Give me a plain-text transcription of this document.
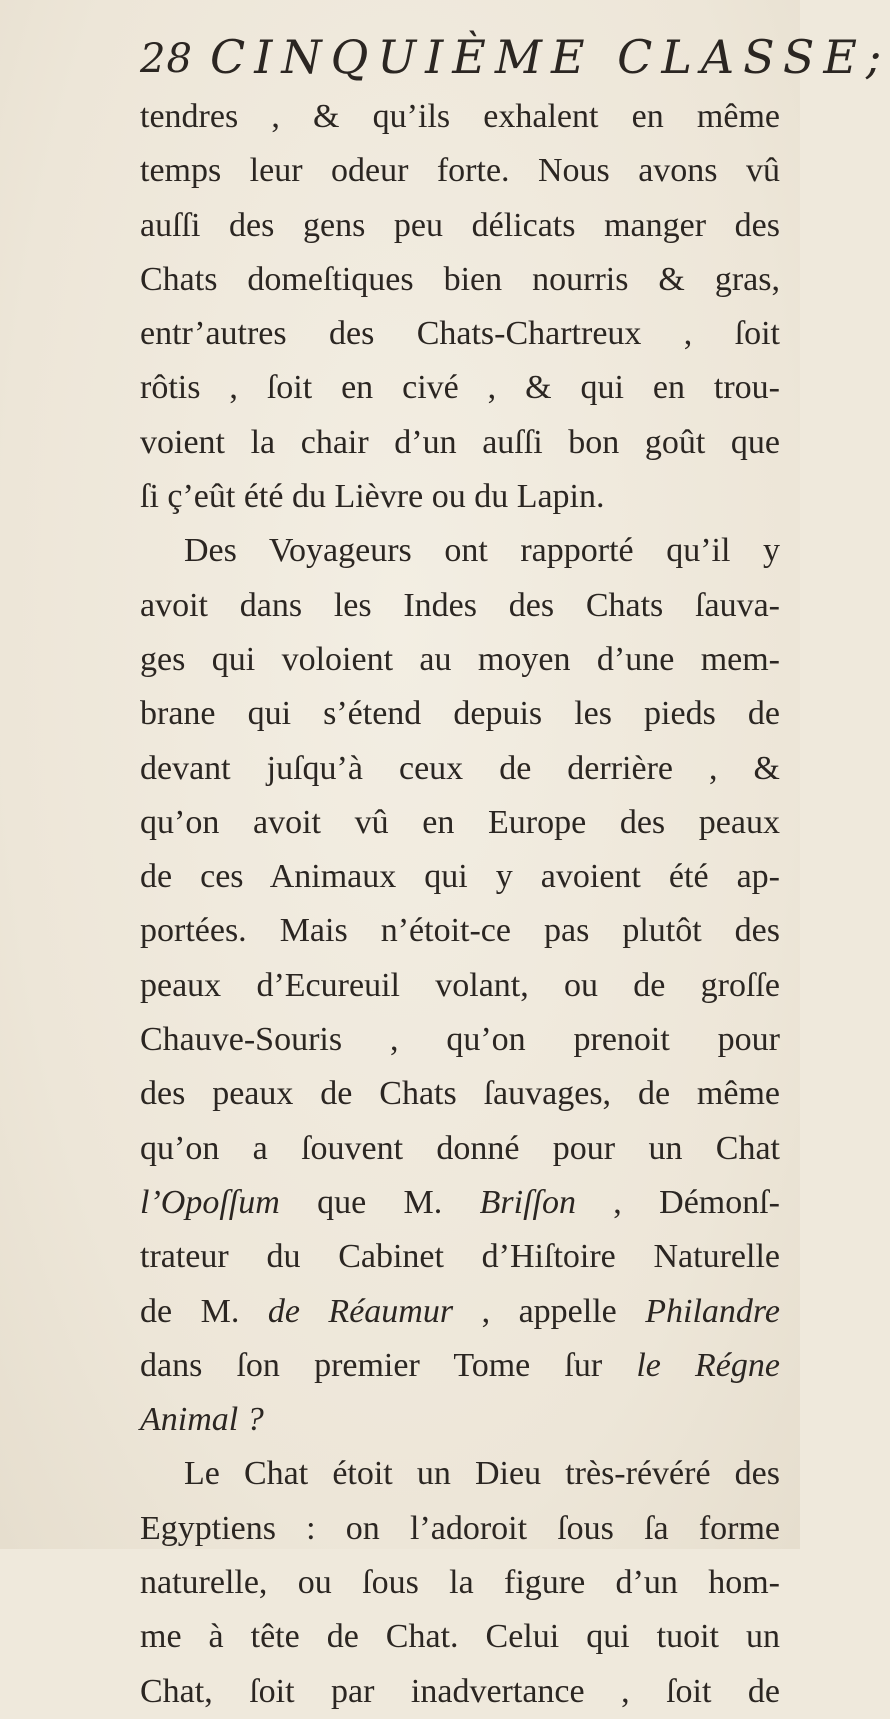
28 CINQUIÈME CLASSE;
tendres , & qu’ils exhalent en même
temps leur odeur forte. Nous avons vû
auſſi des gens peu délicats manger des
Chats domeſtiques bien nourris & gras,
entr’autres des Chats-Chartreux , ſoit
rôtis , ſoit en civé , & qui en trou-
voient la chair d’un auſſi bon goût que
ſi ç’eût été du Lièvre ou du Lapin.
Des Voyageurs ont rapporté qu’il y
avoit dans les Indes des Chats ſauva-
ges qui voloient au moyen d’une mem-
brane qui s’étend depuis les pieds de
devant juſqu’à ceux de derrière , &
qu’on avoit vû en Europe des peaux
de ces Animaux qui y avoient été ap-
portées. Mais n’étoit-ce pas plutôt des
peaux d’Ecureuil volant, ou de groſſe
Chauve-Souris , qu’on prenoit pour
des peaux de Chats ſauvages, de même
qu’on a ſouvent donné pour un Chat
l’Opoſſum que M. Briſſon , Démonſ-
trateur du Cabinet d’Hiſtoire Naturelle
de M. de Réaumur , appelle Philandre
dans ſon premier Tome ſur le Régne
Animal ?
Le Chat étoit un Dieu très-révéré des
Egyptiens : on l’adoroit ſous ſa forme
naturelle, ou ſous la figure d’un hom-
me à tête de Chat. Celui qui tuoit un
Chat, ſoit par inadvertance , ſoit de
